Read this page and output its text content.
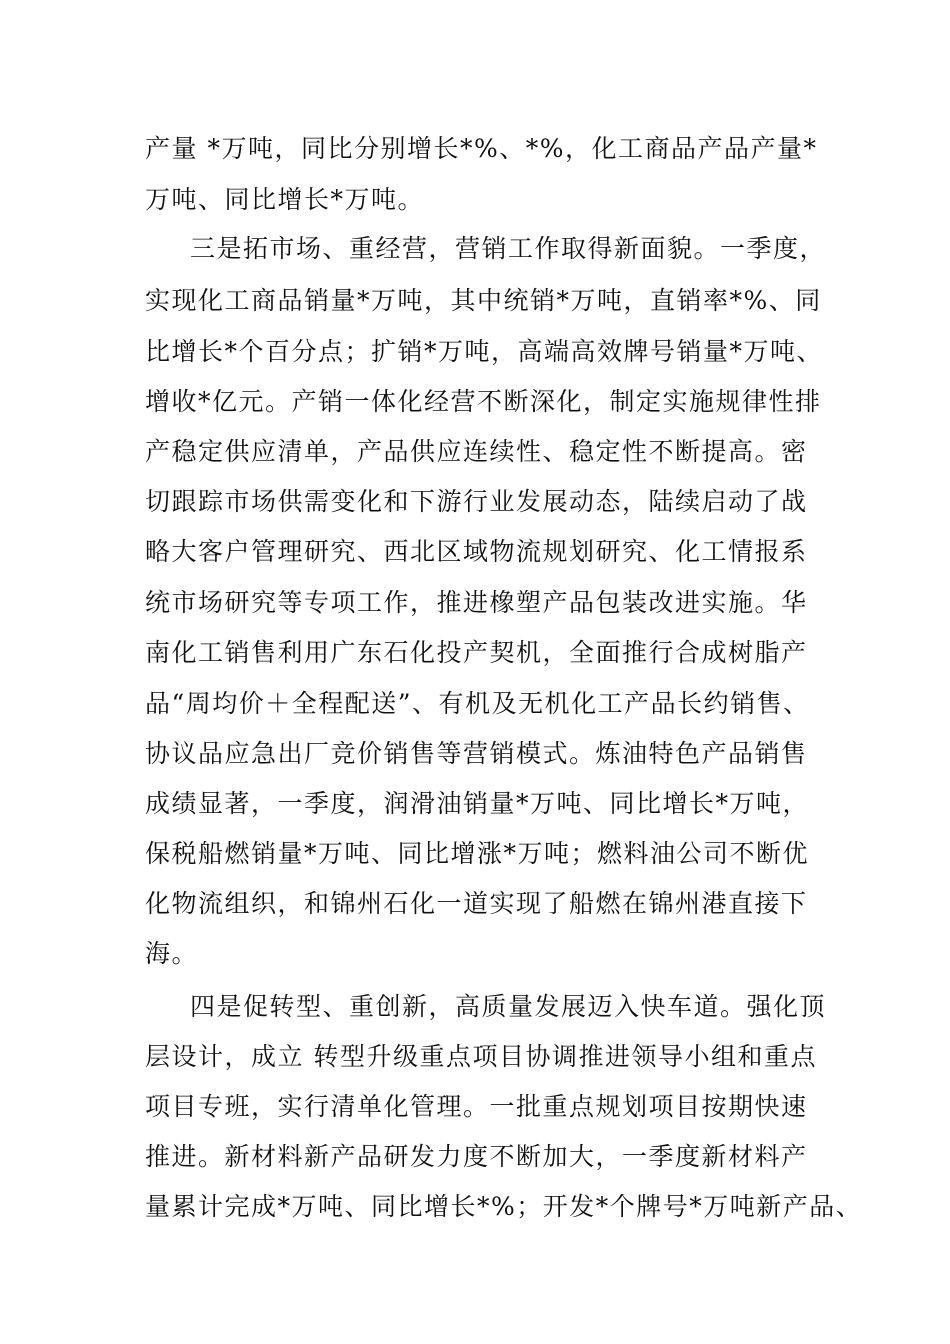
产量 *万吨，同比分别增长*%、*%，化工商品产品产量*
万吨、同比增长*万吨。
三是拓市场、重经营，营销工作取得新面貌。一季度，
实现化工商品销量*万吨，其中统销*万吨，直销率*%、同
比增长*个百分点；扩销*万吨，高端高效牌号销量*万吨、
增收*亿元。产销一体化经营不断深化，制定实施规律性排
产稳定供应清单，产品供应连续性、稳定性不断提高。密
切跟踪市场供需变化和下游行业发展动态，陆续启动了战
略大客户管理研究、西北区域物流规划研究、化工情报系
统市场研究等专项工作，推进橡塑产品包装改进实施。华
南化工销售利用广东石化投产契机，全面推行合成树脂产
品“周均价＋全程配送”、有机及无机化工产品长约销售、
协议品应急出厂竞价销售等营销模式。炼油特色产品销售
成绩显著，一季度，润滑油销量*万吨、同比增长*万吨，
保税船燃销量*万吨、同比增涨*万吨；燃料油公司不断优
化物流组织，和锦州石化一道实现了船燃在锦州港直接下
海。
四是促转型、重创新，高质量发展迈入快车道。强化顶
层设计，成立 转型升级重点项目协调推进领导小组和重点
项目专班，实行清单化管理。一批重点规划项目按期快速
推进。新材料新产品研发力度不断加大，一季度新材料产
量累计完成*万吨、同比增长*%；开发*个牌号*万吨新产品、
